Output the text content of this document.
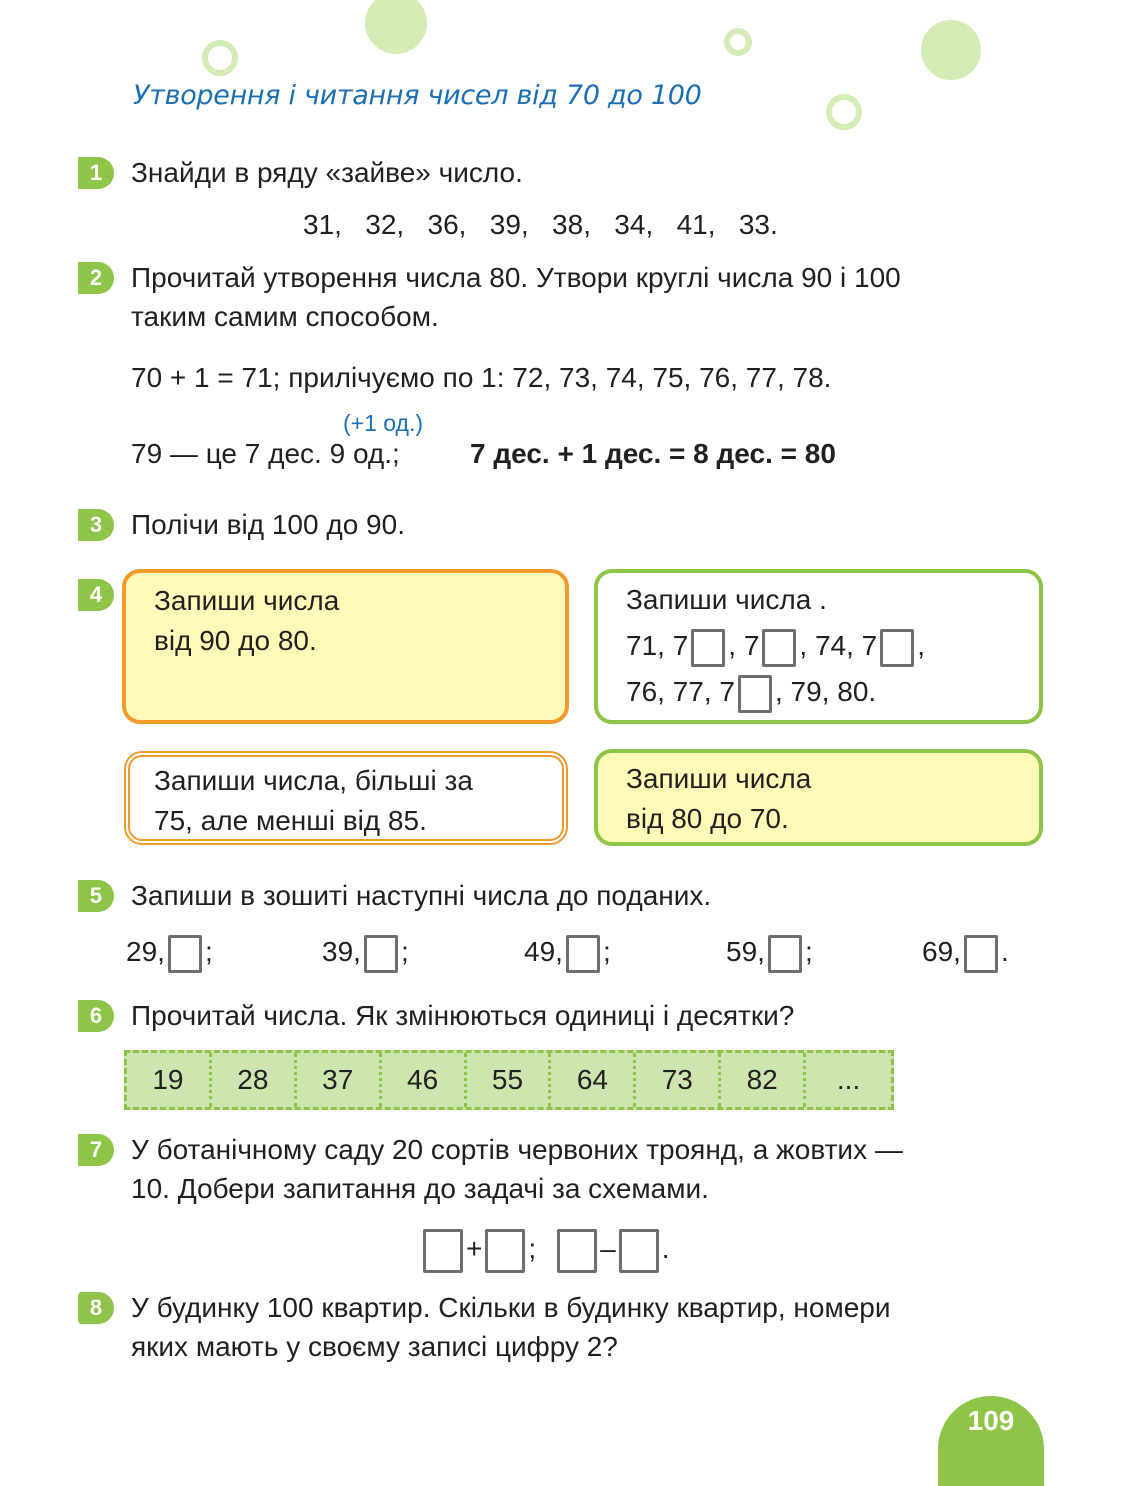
Утворення і читання чисел від 70 до 100
1	Знайди в ряду «зайве» число.
31,   32,   36,   39,   38,   34,   41,   33.
2	Прочитай утворення числа 80. Утвори круглі числа 90 і 100
таким самим способом.
70 + 1 = 71; прилічуємо по 1: 72, 73, 74, 75, 76, 77, 78.
(+1 од.)
79 — це 7 дес. 9 од.;	7 дес. + 1 дес. = 8 дес. = 80
3	Полічи від 100 до 90.
4	Запиши числа
від 90 до 80.
Запиши числа .
71, 7 , 7 , 74, 7 ,
76, 77, 7 , 79, 80.
Запиши числа, більші за
75, але менші від 85.
Запиши числа
від 80 до 70.
5	Запиши в зошиті наступні числа до поданих.
29, ;	39, ;	49, ;	59, ;	69, .
6	Прочитай числа. Як змінюються одиниці і десятки?
19	28	37	46	55	64	73	82	...
7	У ботанічному саду 20 сортів червоних троянд, а жовтих —
10. Добери запитання до задачі за схемами.
+ ; – .
8	У будинку 100 квартир. Скільки в будинку квартир, номери
яких мають у своєму записі цифру 2?
109
